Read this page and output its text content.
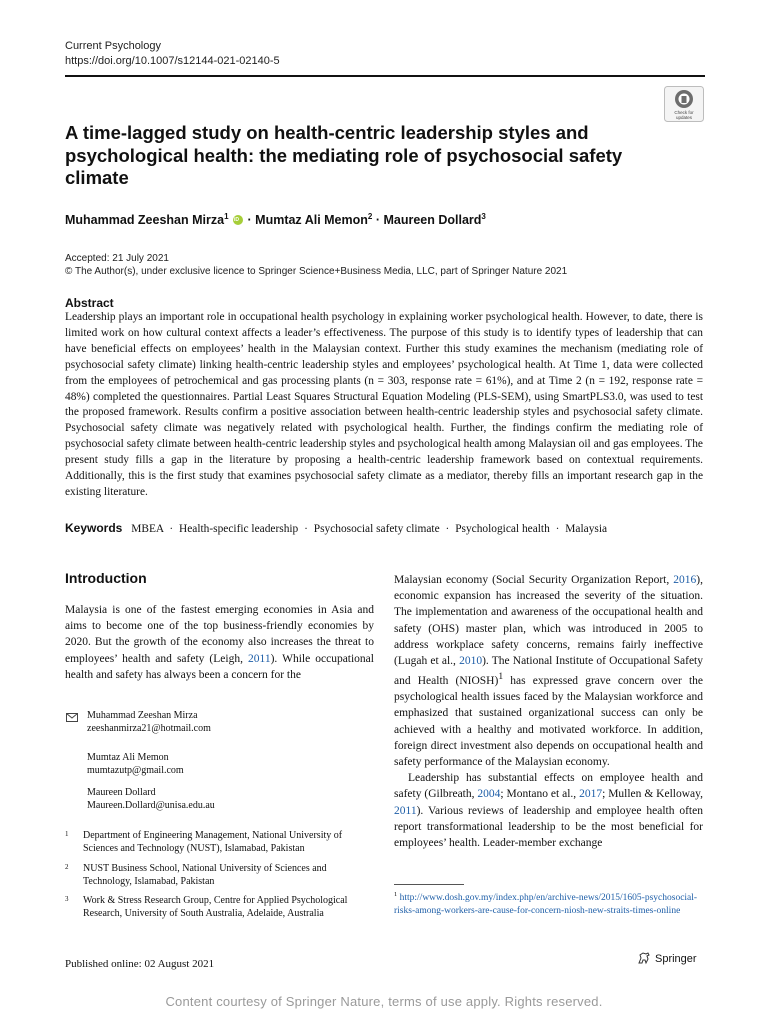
Current Psychology
https://doi.org/10.1007/s12144-021-02140-5
Check for
updates
A time-lagged study on health-centric leadership styles and psychological health: the mediating role of psychosocial safety climate
Muhammad Zeeshan Mirza$^1$ iD · Mumtaz Ali Memon$^2$ · Maureen Dollard$^3$
Accepted: 21 July 2021
© The Author(s), under exclusive licence to Springer Science+Business Media, LLC, part of Springer Nature 2021
Abstract
Leadership plays an important role in occupational health psychology in explaining worker psychological health. However, to date, there is limited work on how cultural context affects a leader’s effectiveness. The purpose of this study is to identify types of leadership that can have beneficial effects on employees’ health in the Malaysian context. Further this study examines the mechanism (mediating role of psychosocial safety climate) linking health-centric leadership styles and employees’ psychological health. At Time 1, data were collected from the employees of petrochemical and gas processing plants (n = 303, response rate = 61%), and at Time 2 (n = 192, response rate = 48%) completed the questionnaires. Partial Least Squares Structural Equation Modeling (PLS-SEM), using SmartPLS3.0, was used to test the proposed framework. Results confirm a positive association between health-centric leadership styles and psychosocial safety climate. Psychosocial safety climate was negatively related with psychological health. Further, the findings confirm the mediating role of psychosocial safety climate between health-centric leadership styles and psychological health among Malaysian oil and gas employees. The present study fills a gap in the literature by proposing a health-centric leadership framework based on contextual requirements. Additionally, this is the first study that examines psychosocial safety climate as a mediator, thereby fills an important research gap in the existing literature.
Keywords MBEA · Health-specific leadership · Psychosocial safety climate · Psychological health · Malaysia
Introduction
Malaysia is one of the fastest emerging economies in Asia and aims to become one of the top business-friendly economies by 2020. But the growth of the economy also increases the threat to employees’ health and safety (Leigh, 2011). While occupational health and safety has always been a concern for the

Malaysian economy (Social Security Organization Report, 2016), economic expansion has increased the severity of the situation. The implementation and awareness of the occupational health and safety (OHS) master plan, which was introduced in 2005 to address workplace safety concerns, remains fairly ineffective (Lugah et al., 2010). The National Institute of Occupational Safety and Health (NIOSH)$^1$ has expressed grave concern over the psychological health issues faced by the Malaysian workforce and emphasized that sustained organizational success can only be achieved with a healthy and motivated workforce. In addition, foreign direct investment also depends on occupational health and safety performance of the Malaysian economy.

Leadership has substantial effects on employee health and safety (Gilbreath, 2004; Montano et al., 2017; Mullen & Kelloway, 2011). Various reviews of leadership and employee health often report transformational leadership to be the most beneficial for employees’ health. Leader-member exchange

Muhammad Zeeshan Mirza
zeeshanmirza21@hotmail.com
Mumtaz Ali Memon
mumtazutp@gmail.com
Maureen Dollard
Maureen.Dollard@unisa.edu.au
1 Department of Engineering Management, National University of Sciences and Technology (NUST), Islamabad, Pakistan
2 NUST Business School, National University of Sciences and Technology, Islamabad, Pakistan
3 Work & Stress Research Group, Centre for Applied Psychological Research, University of South Australia, Adelaide, Australia
$^1$ http://www.dosh.gov.my/index.php/en/archive-news/2015/1605-psychosocial-risks-among-workers-are-cause-for-concern-niosh-new-straits-times-online
Published online: 02 August 2021	Springer
Content courtesy of Springer Nature, terms of use apply. Rights reserved.
